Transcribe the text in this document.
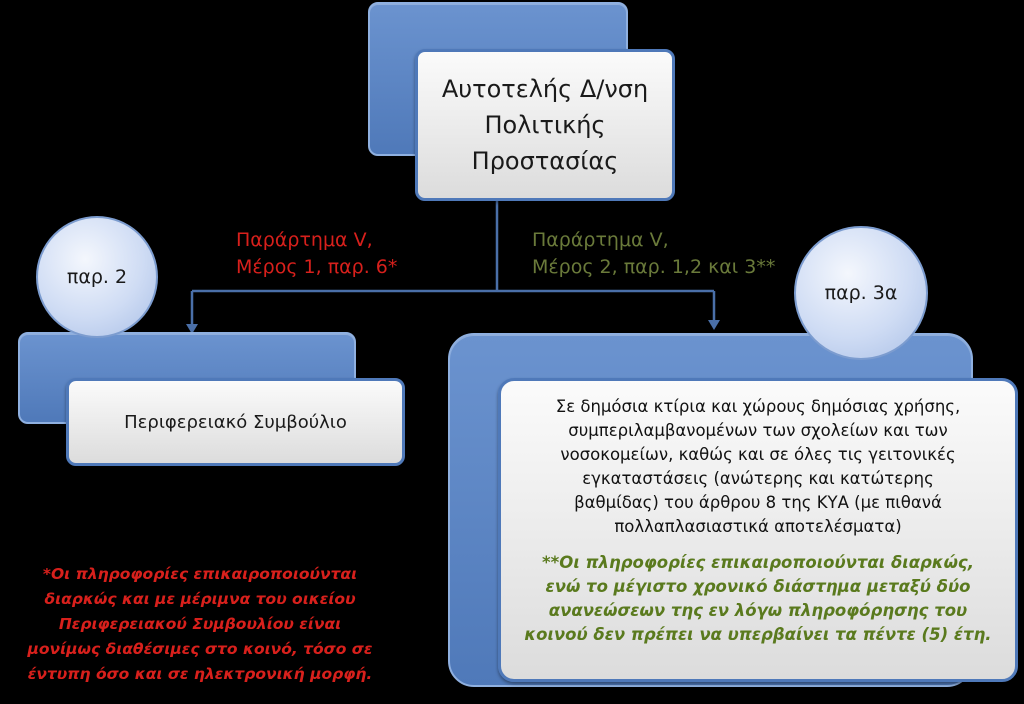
Αυτοτελής Δ/νση
Πολιτικής
Προστασίας
Παράρτημα V,
Μέρος 1, παρ. 6*
Παράρτημα V,
Μέρος 2, παρ. 1,2 και 3**
Περιφερειακό Συμβούλιο
παρ. 2
Σε δημόσια κτίρια και χώρους δημόσιας χρήσης,
συμπεριλαμβανομένων των σχολείων και των
νοσοκομείων, καθώς και σε όλες τις γειτονικές
εγκαταστάσεις (ανώτερης και κατώτερης
βαθμίδας) του άρθρου 8 της ΚΥΑ (με πιθανά
πολλαπλασιαστικά αποτελέσματα)
**Οι πληροφορίες επικαιροποιούνται διαρκώς,
ενώ το μέγιστο χρονικό διάστημα μεταξύ δύο
ανανεώσεων της εν λόγω πληροφόρησης του
κοινού δεν πρέπει να υπερβαίνει τα πέντε (5) έτη.
παρ. 3α
*Οι πληροφορίες επικαιροποιούνται
διαρκώς και με μέριμνα του οικείου
Περιφερειακού Συμβουλίου είναι
μονίμως διαθέσιμες στο κοινό, τόσο σε
έντυπη όσο και σε ηλεκτρονική μορφή.
